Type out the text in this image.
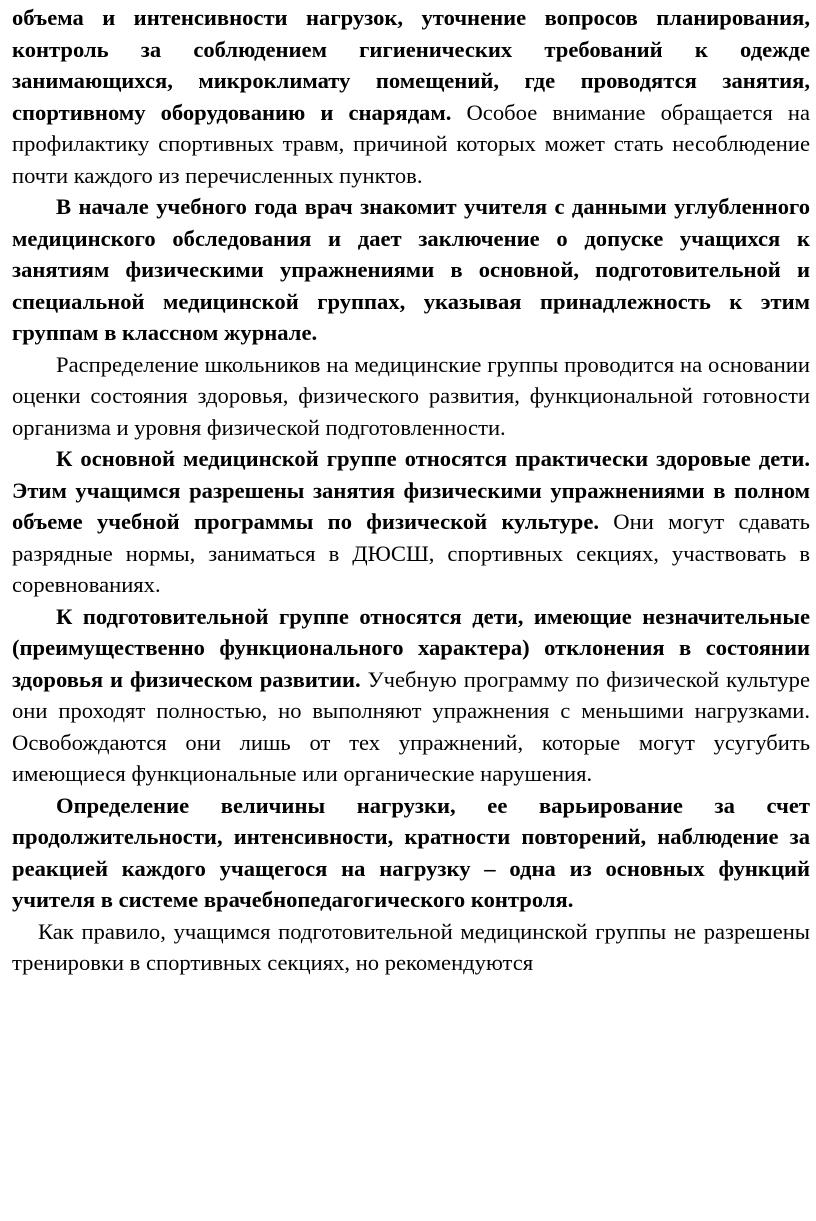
объема и интенсивности нагрузок, уточнение вопросов планирования, контроль за соблюдением гигиенических требований к одежде занимающихся, микроклимату помещений, где проводятся занятия, спортивному оборудованию и снарядам. Особое внимание обращается на профилактику спортивных травм, причиной которых может стать несоблюдение почти каждого из перечисленных пунктов.

В начале учебного года врач знакомит учителя с данными углубленного медицинского обследования и дает заключение о допуске учащихся к занятиям физическими упражнениями в основной, подготовительной и специальной медицинской группах, указывая принадлежность к этим группам в классном журнале.

Распределение школьников на медицинские группы проводится на основании оценки состояния здоровья, физического развития, функциональной готовности организма и уровня физической подготовленности.

К основной медицинской группе относятся практически здоровые дети. Этим учащимся разрешены занятия физическими упражнениями в полном объеме учебной программы по физической культуре. Они могут сдавать разрядные нормы, заниматься в ДЮСШ, спортивных секциях, участвовать в соревнованиях.

К подготовительной группе относятся дети, имеющие незначительные (преимущественно функционального характера) отклонения в состоянии здоровья и физическом развитии. Учебную программу по физической культуре они проходят полностью, но выполняют упражнения с меньшими нагрузками. Освобождаются они лишь от тех упражнений, которые могут усугубить имеющиеся функциональные или органические нарушения.

Определение величины нагрузки, ее варьирование за счет продолжительности, интенсивности, кратности повторений, наблюдение за реакцией каждого учащегося на нагрузку – одна из основных функций учителя в системе врачебнопедагогического контроля.

Как правило, учащимся подготовительной медицинской группы не разрешены тренировки в спортивных секциях, но рекомендуются
